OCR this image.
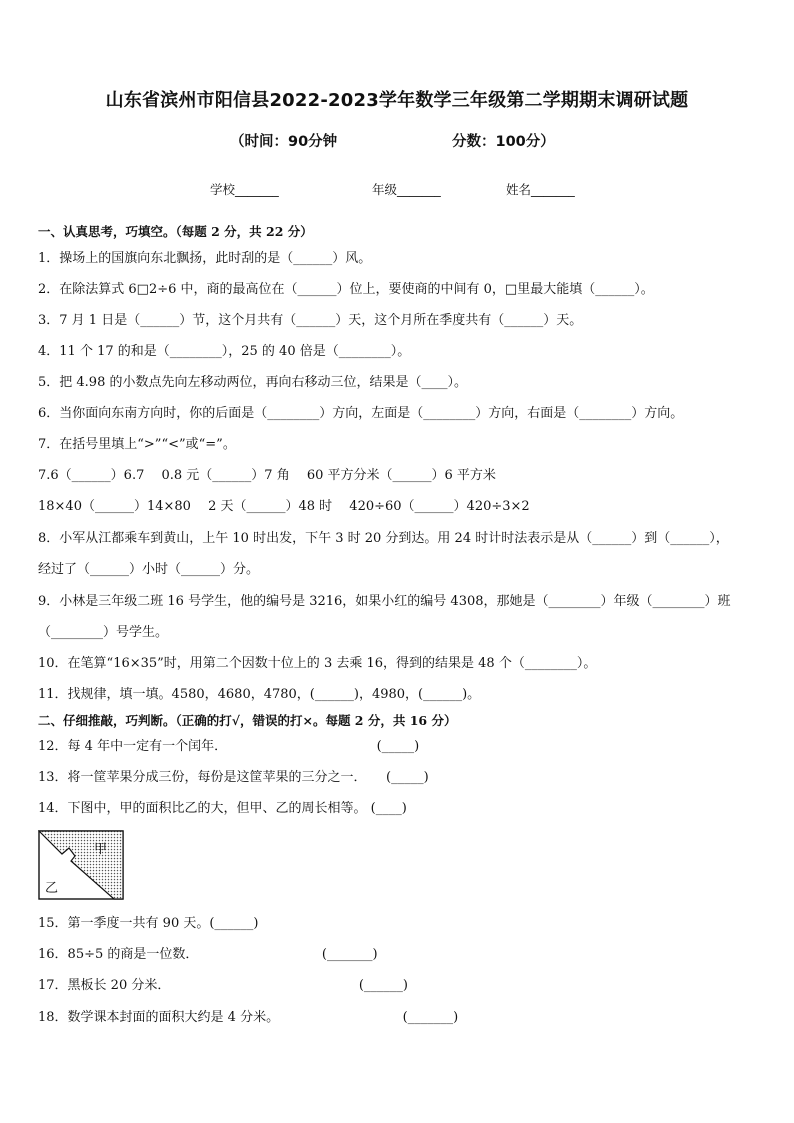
山东省滨州市阳信县2022-2023学年数学三年级第二学期期末调研试题
（时间：90分钟	分数：100分）
学校_______	年级_______	姓名_______
一、认真思考，巧填空。（每题 2 分，共 22 分）
1．操场上的国旗向东北飘扬，此时刮的是（______）风。
2．在除法算式 6□2÷6 中，商的最高位在（______）位上，要使商的中间有 0，□里最大能填（______）。
3．7 月 1 日是（______）节，这个月共有（______）天，这个月所在季度共有（______）天。
4．11 个 17 的和是（________），25 的 40 倍是（________）。
5．把 4.98 的小数点先向左移动两位，再向右移动三位，结果是（____）。
6．当你面向东南方向时，你的后面是（________）方向，左面是（________）方向，右面是（________）方向。
7．在括号里填上“>”“<”或“=”。
7.6（______）6.7　 0.8 元（______）7 角　 60 平方分米（______）6 平方米
18×40（______）14×80　 2 天（______）48 时　 420÷60（______）420÷3×2
8．小军从江都乘车到黄山，上午 10 时出发，下午 3 时 20 分到达。用 24 时计时法表示是从（______）到（______），
经过了（______）小时（______）分。
9．小林是三年级二班 16 号学生，他的编号是 3216，如果小红的编号 4308，那她是（________）年级（________）班
（________）号学生。
10．在笔算“16×35”时，用第二个因数十位上的 3 去乘 16，得到的结果是 48 个（________）。
11．找规律，填一填。4580，4680，4780，(______)，4980，(______)。
二、仔细推敲，巧判断。（正确的打√，错误的打×。每题 2 分，共 16 分）
12．每 4 年中一定有一个闰年．　　　　　　　　　　　　(_____)
13．将一筐苹果分成三份，每份是这筐苹果的三分之一．　　(_____)
14．下图中，甲的面积比乙的大，但甲、乙的周长相等。 (____)
甲
乙
15．第一季度一共有 90 天。(______)
16．85÷5 的商是一位数．　　　　　　　　　　(_______)
17．黑板长 20 分米．　　　　　　　　　　　　　　　(______)
18．数学课本封面的面积大约是 4 分米。　　　　　　　　　　(_______)
